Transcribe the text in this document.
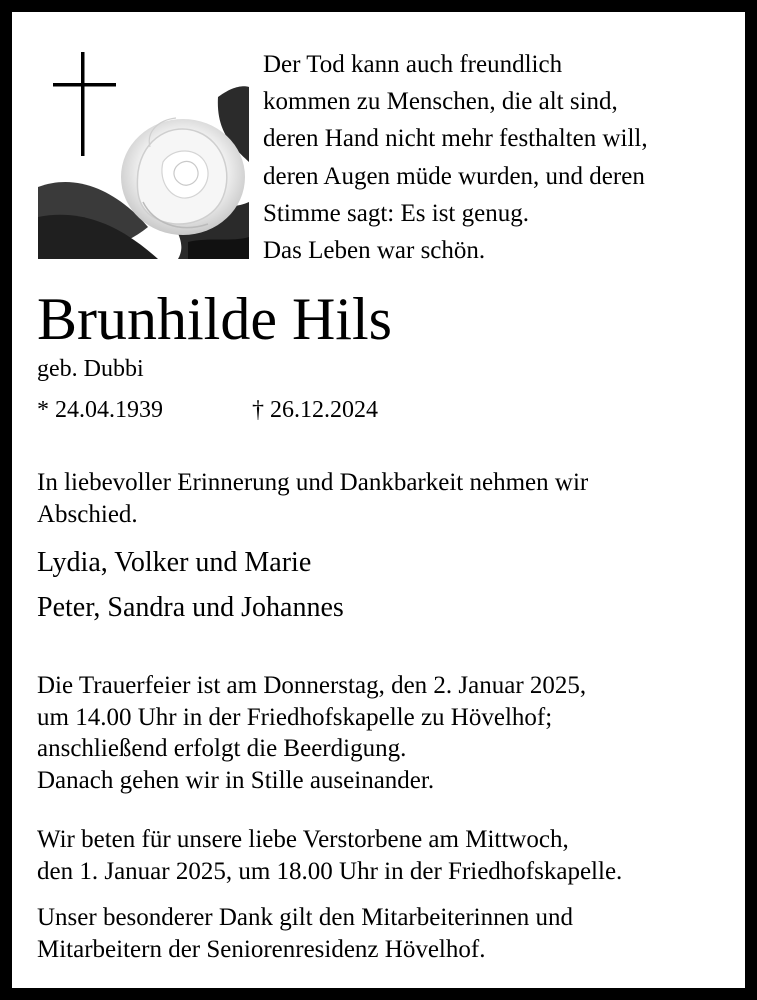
Der Tod kann auch freundlich
kommen zu Menschen, die alt sind,
deren Hand nicht mehr festhalten will,
deren Augen müde wurden, und deren
Stimme sagt: Es ist genug.
Das Leben war schön.
Brunhilde Hils
geb. Dubbi
* 24.04.1939	† 26.12.2024
In liebevoller Erinnerung und Dankbarkeit nehmen wir
Abschied.
Lydia, Volker und Marie
Peter, Sandra und Johannes
Die Trauerfeier ist am Donnerstag, den 2. Januar 2025,
um 14.00 Uhr in der Friedhofskapelle zu Hövelhof;
anschließend erfolgt die Beerdigung.
Danach gehen wir in Stille auseinander.
Wir beten für unsere liebe Verstorbene am Mittwoch,
den 1. Januar 2025, um 18.00 Uhr in der Friedhofskapelle.
Unser besonderer Dank gilt den Mitarbeiterinnen und
Mitarbeitern der Seniorenresidenz Hövelhof.
